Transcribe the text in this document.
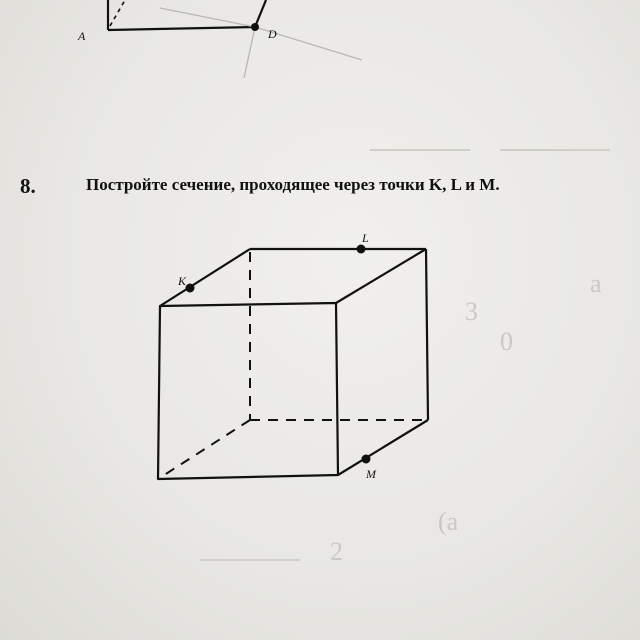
a
3
(a
2
0
A	D
K
L
M
8.	Постройте сечение, проходящее через точки K, L и M.
